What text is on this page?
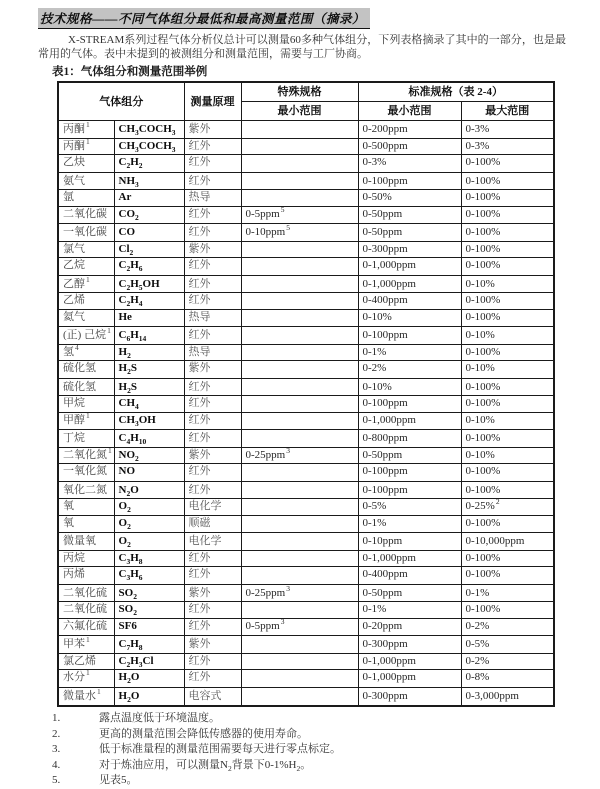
技术规格——不同气体组分最低和最高测量范围（摘录）

X-STREAM系列过程气体分析仪总计可以测量60多种气体组分，下列表格摘录了其中的一部分，也是最常用的气体。表中未提到的被测组分和测量范围，需要与工厂协商。

表1：气体组分和测量范围举例

气体组分		测量原理	特殊规格	标准规格（表 2-4）	
			最小范围	最小范围	最大范围
丙酮$^1$	$CH_3COCH_3$	紫外		0-200ppm	0-3%
丙酮$^1$	$CH_3COCH_3$	红外		0-500ppm	0-3%
乙炔	$C_2H_2$	红外		0-3%	0-100%
氨气	$NH_3$	红外		0-100ppm	0-100%
氩	Ar	热导		0-50%	0-100%
二氧化碳	$CO_2$	红外	0-5ppm$^5$	0-50ppm	0-100%
一氧化碳	CO	红外	0-10ppm$^5$	0-50ppm	0-100%
氯气	$Cl_2$	紫外		0-300ppm	0-100%
乙烷	$C_2H_6$	红外		0-1,000ppm	0-100%
乙醇$^1$	$C_2H_5OH$	红外		0-1,000ppm	0-10%
乙烯	$C_2H_4$	红外		0-400ppm	0-100%
氦气	He	热导		0-10%	0-100%
(正) 己烷$^1$	$C_6H_{14}$	红外		0-100ppm	0-10%
氢$^4$	$H_2$	热导		0-1%	0-100%
硫化氢	$H_2S$	紫外		0-2%	0-10%
硫化氢	$H_2S$	红外		0-10%	0-100%
甲烷	$CH_4$	红外		0-100ppm	0-100%
甲醇$^1$	$CH_3OH$	红外		0-1,000ppm	0-10%
丁烷	$C_4H_{10}$	红外		0-800ppm	0-100%
二氧化氮$^1$	$NO_2$	紫外	0-25ppm$^3$	0-50ppm	0-10%
一氧化氮	NO	红外		0-100ppm	0-100%
氧化二氮	$N_2O$	红外		0-100ppm	0-100%
氧	$O_2$	电化学		0-5%	0-25%$^2$
氧	$O_2$	顺磁		0-1%	0-100%
微量氧	$O_2$	电化学		0-10ppm	0-10,000ppm
丙烷	$C_3H_8$	红外		0-1,000ppm	0-100%
丙烯	$C_3H_6$	红外		0-400ppm	0-100%
二氧化硫	$SO_2$	紫外	0-25ppm$^3$	0-50ppm	0-1%
二氧化硫	$SO_2$	红外		0-1%	0-100%
六氟化硫	SF6	红外	0-5ppm$^3$	0-20ppm	0-2%
甲苯$^1$	$C_7H_8$	紫外		0-300ppm	0-5%
氯乙烯	$C_2H_3Cl$	红外		0-1,000ppm	0-2%
水分$^1$	$H_2O$	红外		0-1,000ppm	0-8%
微量水$^1$	$H_2O$	电容式		0-300ppm	0-3,000ppm
1.	露点温度低于环境温度。
2.	更高的测量范围会降低传感器的使用寿命。
3.	低于标准量程的测量范围需要每天进行零点标定。
4.	对于炼油应用，可以测量$N_2$背景下$0-1\%H_2$。
5.	见表5。
